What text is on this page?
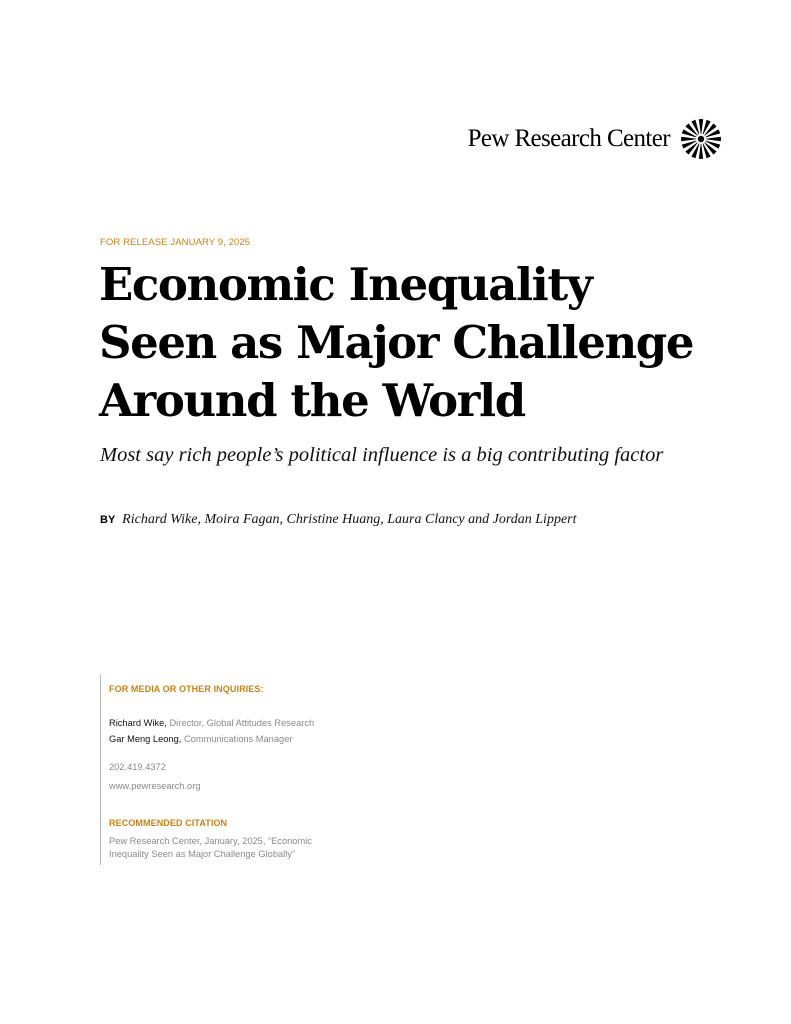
Pew Research Center
FOR RELEASE JANUARY 9, 2025
Economic Inequality
Seen as Major Challenge
Around the World

Most say rich people’s political influence is a big contributing factor

BY Richard Wike, Moira Fagan, Christine Huang, Laura Clancy and Jordan Lippert
FOR MEDIA OR OTHER INQUIRIES:
Richard Wike, Director, Global Attitudes Research
Gar Meng Leong, Communications Manager
202.419.4372
www.pewresearch.org
RECOMMENDED CITATION
Pew Research Center, January, 2025, “Economic Inequality Seen as Major Challenge Globally”
